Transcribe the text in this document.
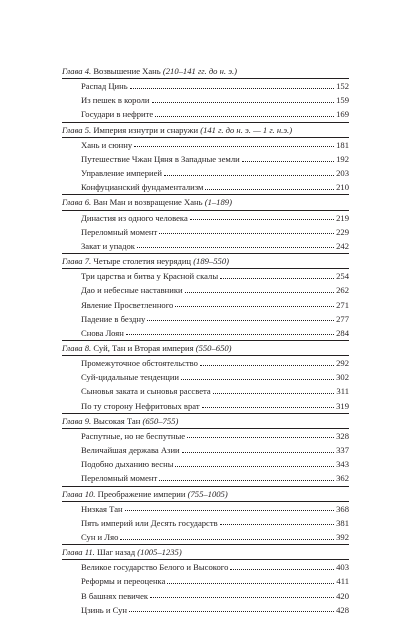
Глава 4. Возвышение Хань (210–141 гг. до н. э.)
Распад Цинь	152
Из пешек в короли	159
Государи в нефрите	169
Глава 5. Империя изнутри и снаружи (141 г. до н. э. — 1 г. н.э.)
Хань и сюнну	181
Путешествие Чжан Цяня в Западные земли	192
Управление империей	203
Конфуцианский фундаментализм	210
Глава 6. Ван Ман и возвращение Хань (1–189)
Династия из одного человека	219
Переломный момент	229
Закат и упадок	242
Глава 7. Четыре столетия неурядиц (189–550)
Три царства и битва у Красной скалы	254
Дао и небесные наставники	262
Явление Просветленного	271
Падение в бездну	277
Снова Лоян	284
Глава 8. Суй, Тан и Вторая империя (550–650)
Промежуточное обстоятельство	292
Суй-цидальные тенденции	302
Сыновья заката и сыновья рассвета	311
По ту сторону Нефритовых врат	319
Глава 9. Высокая Тан (650–755)
Распутные, но не беспутные	328
Величайшая держава Азии	337
Подобно дыханию весны	343
Переломный момент	362
Глава 10. Преображение империи (755–1005)
Низкая Тан	368
Пять империй или Десять государств	381
Сун и Ляо	392
Глава 11. Шаг назад (1005–1235)
Великое государство Белого и Высокого	403
Реформы и переоценка	411
В башнях певичек	420
Цзинь и Сун	428
